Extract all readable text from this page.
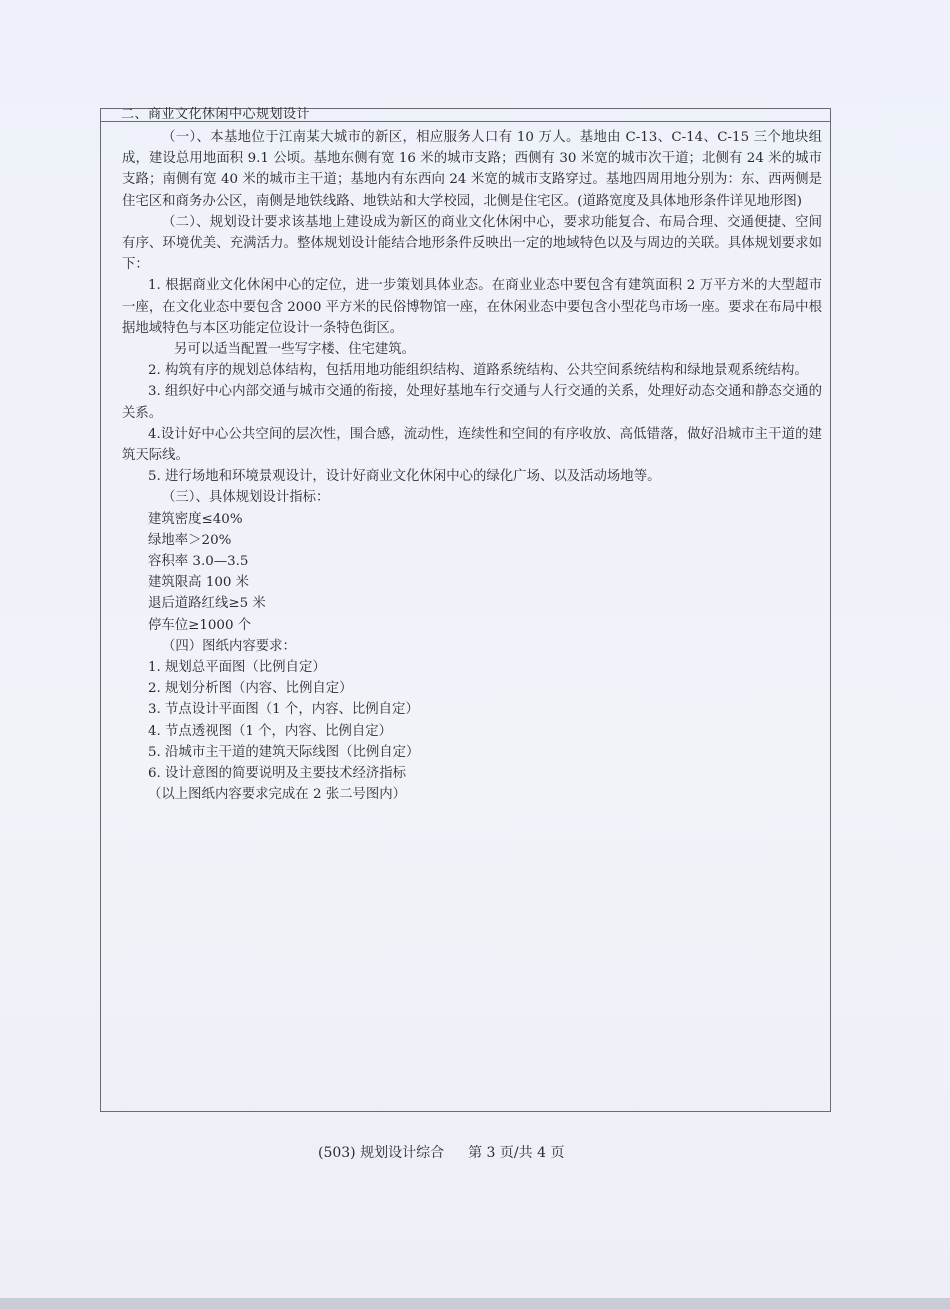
二、商业文化休闲中心规划设计

（一）、本基地位于江南某大城市的新区，相应服务人口有 10 万人。基地由 C-13、C-14、C-15 三个地块组成，建设总用地面积 9.1 公顷。基地东侧有宽 16 米的城市支路；西侧有 30 米宽的城市次干道；北侧有 24 米的城市支路；南侧有宽 40 米的城市主干道；基地内有东西向 24 米宽的城市支路穿过。基地四周用地分别为：东、西两侧是住宅区和商务办公区，南侧是地铁线路、地铁站和大学校园，北侧是住宅区。(道路宽度及具体地形条件详见地形图)

（二）、规划设计要求该基地上建设成为新区的商业文化休闲中心，要求功能复合、布局合理、交通便捷、空间有序、环境优美、充满活力。整体规划设计能结合地形条件反映出一定的地域特色以及与周边的关联。具体规划要求如下：

1. 根据商业文化休闲中心的定位，进一步策划具体业态。在商业业态中要包含有建筑面积 2 万平方米的大型超市一座，在文化业态中要包含 2000 平方米的民俗博物馆一座，在休闲业态中要包含小型花鸟市场一座。要求在布局中根据地域特色与本区功能定位设计一条特色街区。

另可以适当配置一些写字楼、住宅建筑。

2. 构筑有序的规划总体结构，包括用地功能组织结构、道路系统结构、公共空间系统结构和绿地景观系统结构。

3. 组织好中心内部交通与城市交通的衔接，处理好基地车行交通与人行交通的关系，处理好动态交通和静态交通的关系。

4.设计好中心公共空间的层次性，围合感，流动性，连续性和空间的有序收放、高低错落，做好沿城市主干道的建筑天际线。

5. 进行场地和环境景观设计，设计好商业文化休闲中心的绿化广场、以及活动场地等。

（三）、具体规划设计指标：

建筑密度≤40%

绿地率＞20%

容积率 3.0—3.5

建筑限高 100 米

退后道路红线≥5 米

停车位≥1000 个

（四）图纸内容要求：

1. 规划总平面图（比例自定）

2. 规划分析图（内容、比例自定）

3. 节点设计平面图（1 个，内容、比例自定）

4. 节点透视图（1 个，内容、比例自定）

5. 沿城市主干道的建筑天际线图（比例自定）

6. 设计意图的简要说明及主要技术经济指标

（以上图纸内容要求完成在 2 张二号图内）

(503) 规划设计综合 第 3 页/共 4 页
